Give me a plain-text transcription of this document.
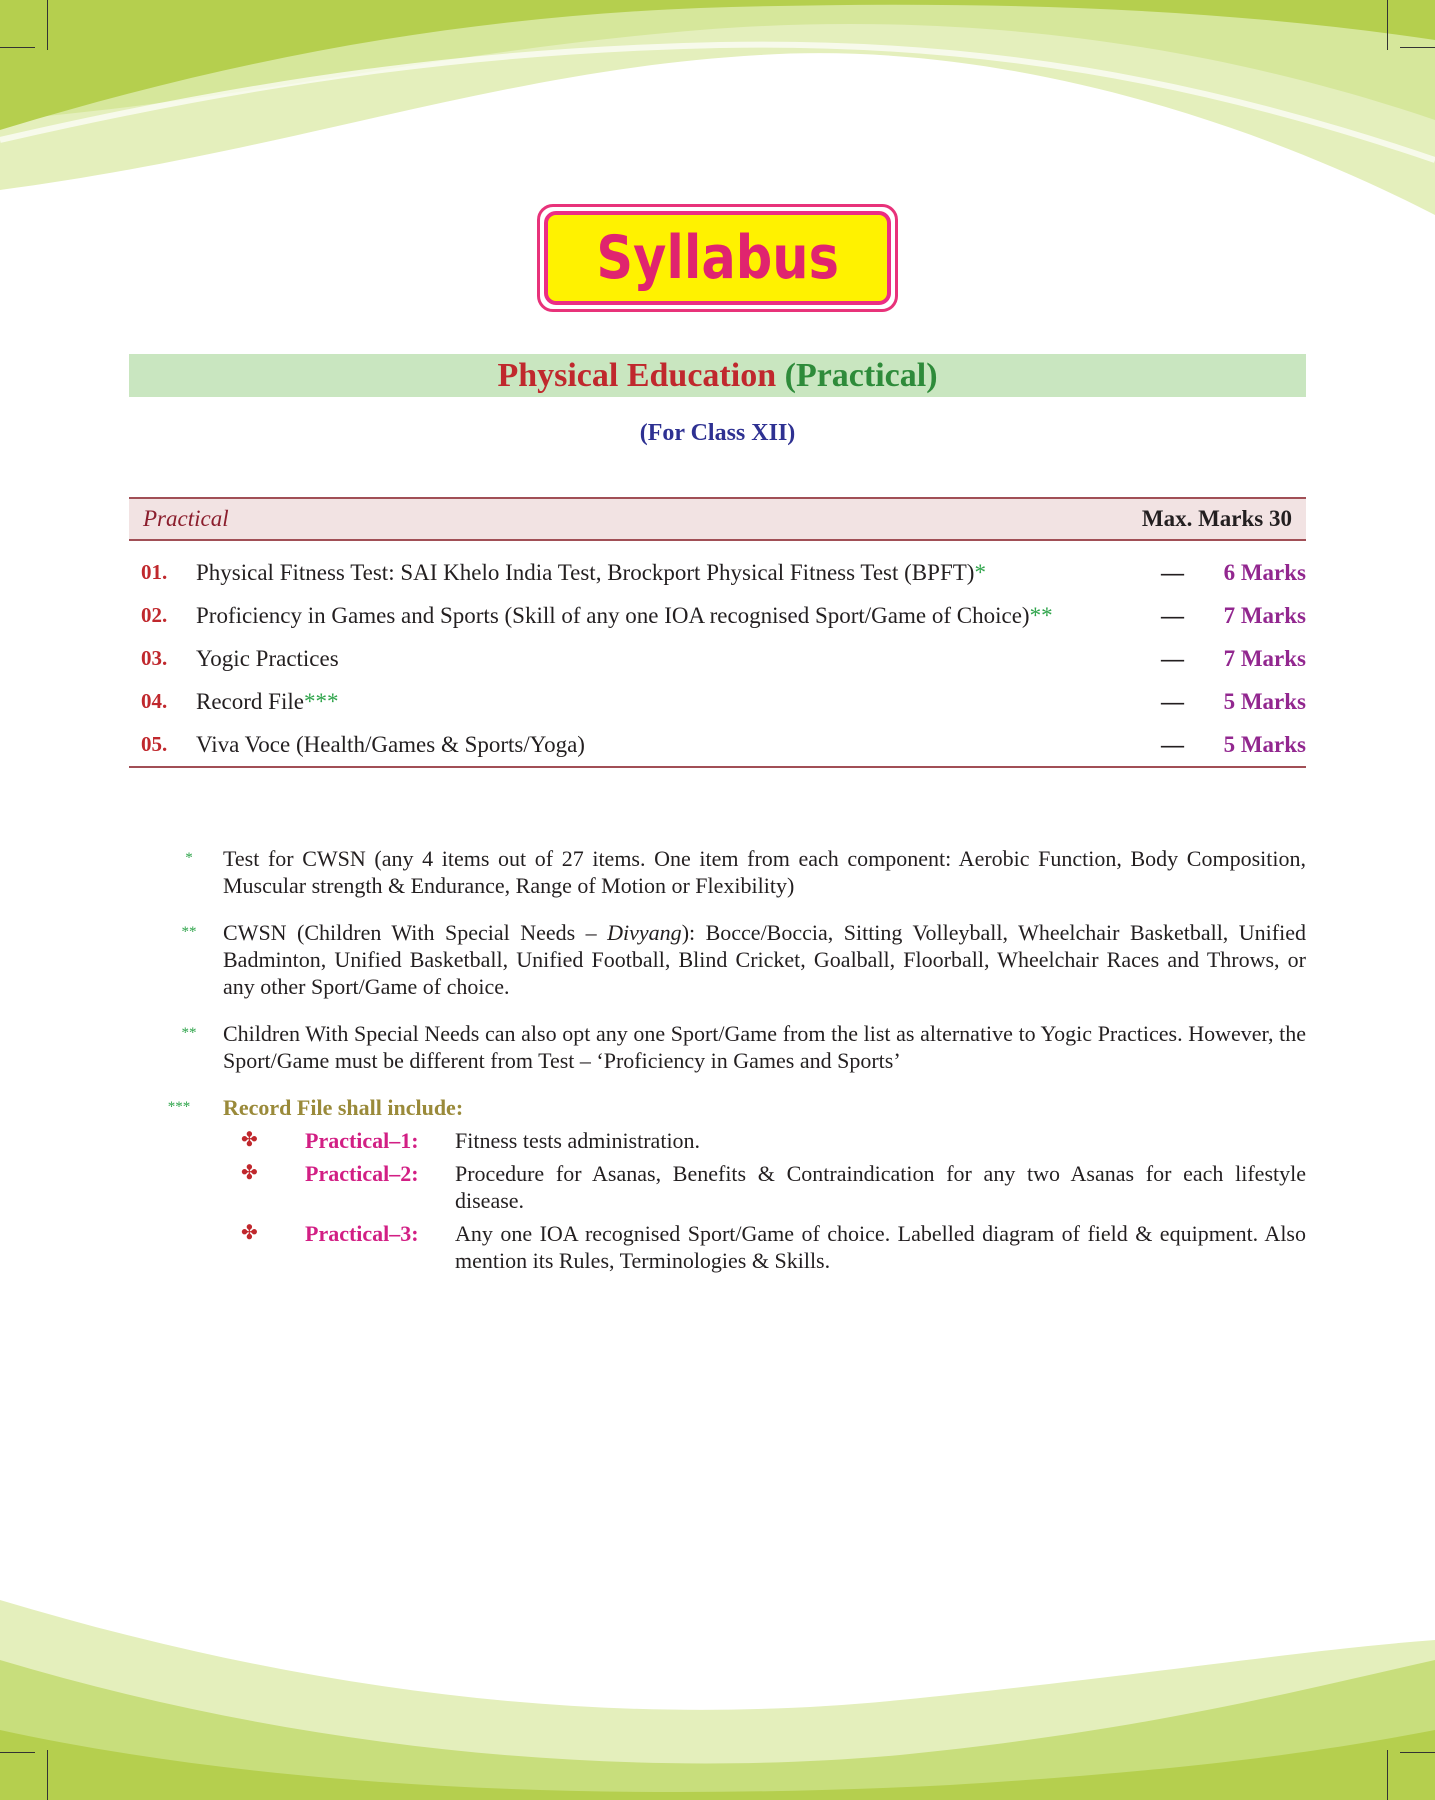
Syllabus
Physical Education (Practical)
(For Class XII)
Practical	Max. Marks 30
01. Physical Fitness Test: SAI Khelo India Test, Brockport Physical Fitness Test (BPFT)*	— 6 Marks
02. Proficiency in Games and Sports (Skill of any one IOA recognised Sport/Game of Choice)**	— 7 Marks
03. Yogic Practices	— 7 Marks
04. Record File***	— 5 Marks
05. Viva Voce (Health/Games & Sports/Yoga)	— 5 Marks
*	Test for CWSN (any 4 items out of 27 items. One item from each component: Aerobic Function, Body Composition, Muscular strength & Endurance, Range of Motion or Flexibility)
**	CWSN (Children With Special Needs – Divyang): Bocce/Boccia, Sitting Volleyball, Wheelchair Basketball, Unified Badminton, Unified Basketball, Unified Football, Blind Cricket, Goalball, Floorball, Wheelchair Races and Throws, or any other Sport/Game of choice.
**	Children With Special Needs can also opt any one Sport/Game from the list as alternative to Yogic Practices. However, the Sport/Game must be different from Test – ‘Proficiency in Games and Sports’
***	Record File shall include:
✤ Practical–1: Fitness tests administration.
✤ Practical–2: Procedure for Asanas, Benefits & Contraindication for any two Asanas for each lifestyle disease.
✤ Practical–3: Any one IOA recognised Sport/Game of choice. Labelled diagram of field & equipment. Also mention its Rules, Terminologies & Skills.
